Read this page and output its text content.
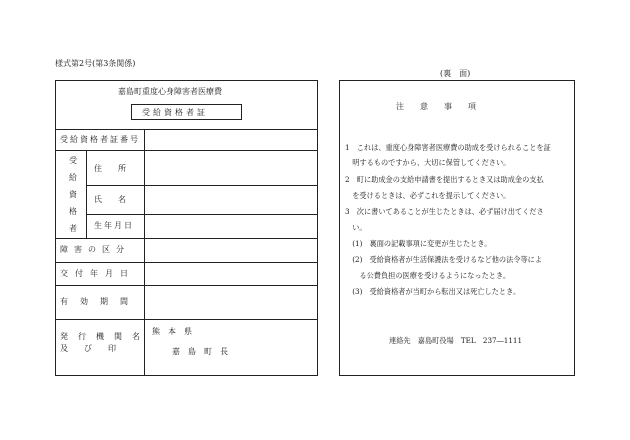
様式第2号(第3条関係)
(裏　面)
嘉島町重度心身障害者医療費
受給資格者証
受給資格者証番号
受
給
資
格
者
住　　所
氏　　名
生年月日
障害の区分
交付年月日
有効期間
発行機関名
及　　び　　印
熊　本　県
嘉　島　町　長
注　　意　　事　　項
1　これは、重度心身障害者医療費の助成を受けられることを証
　明するものですから、大切に保管してください。
2　町に助成金の支給申請書を提出するとき又は助成金の支払
　を受けるときは、必ずこれを提示してください。
3　次に書いてあることが生じたときは、必ず届け出てくださ
　い。
　(1)　裏面の記載事項に変更が生じたとき。
　(2)　受給資格者が生活保護法を受けるなど他の法令等によ
　　る公費負担の医療を受けるようになったとき。
　(3)　受給資格者が当町から転出又は死亡したとき。
連絡先　嘉島町役場　TEL　237―1111
